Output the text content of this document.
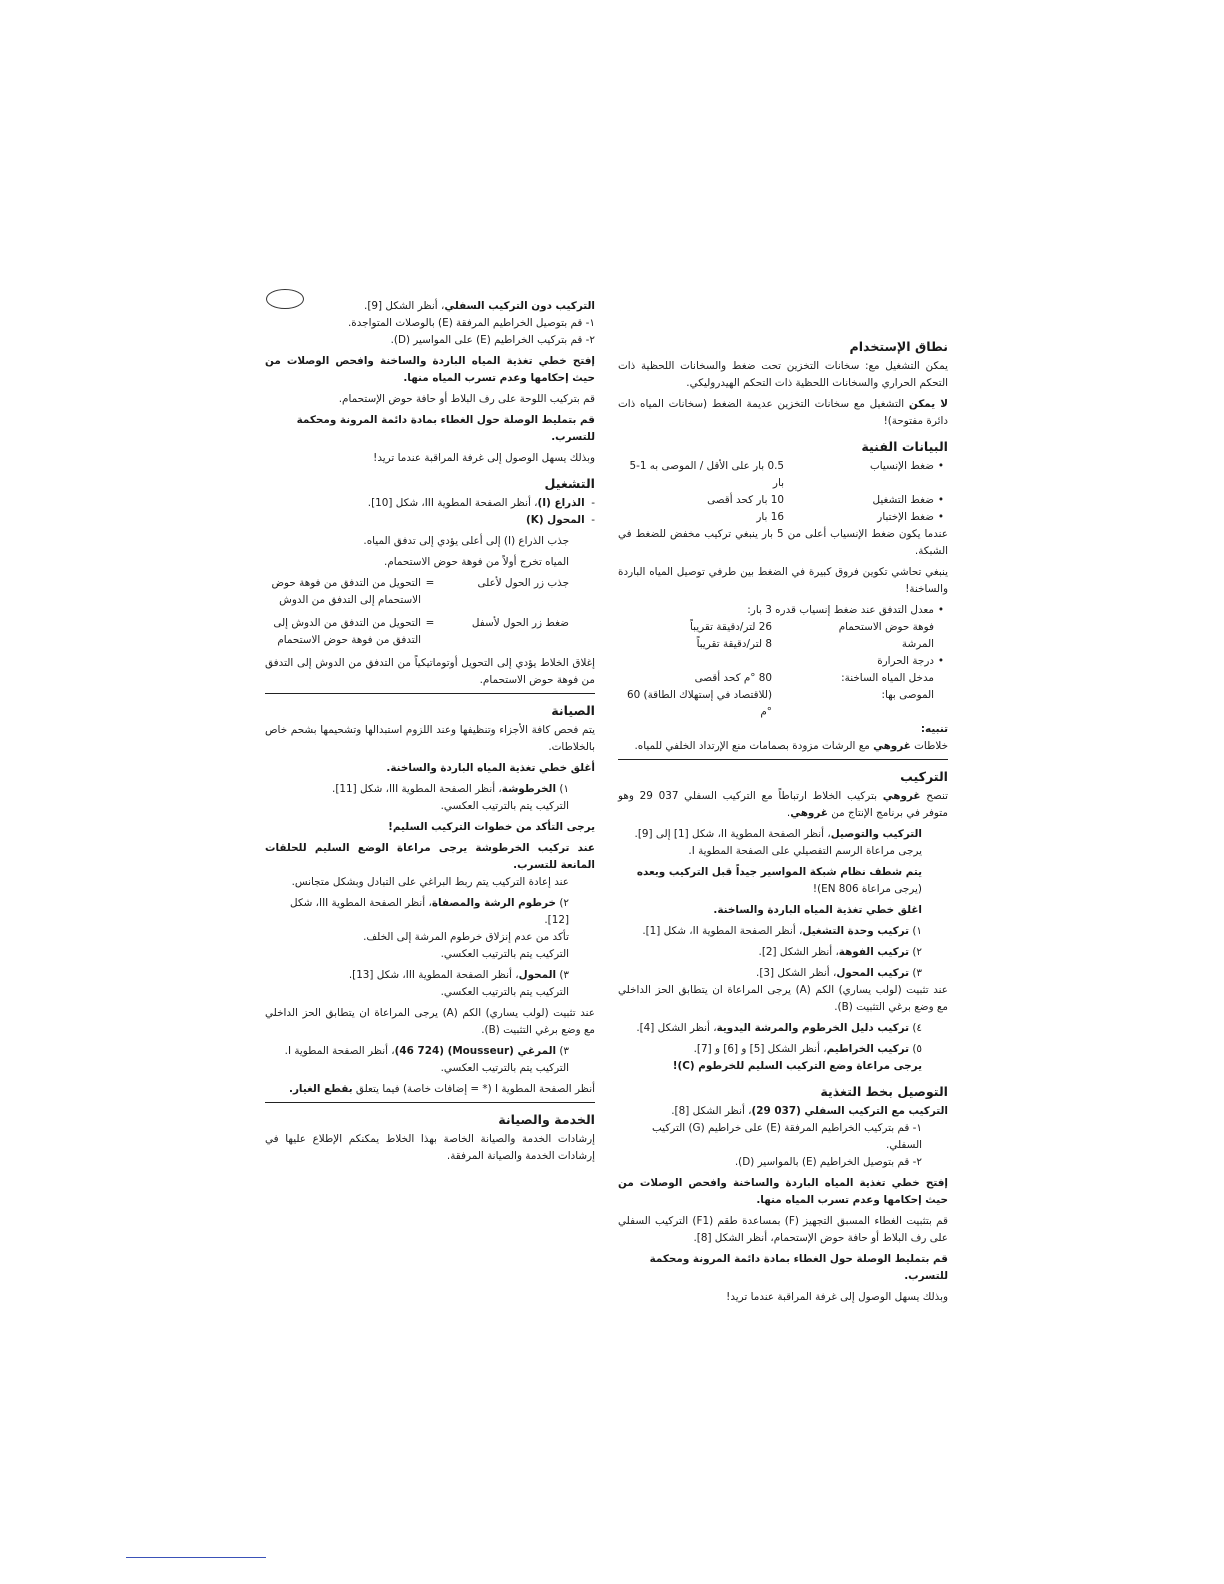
نطاق الإستخدام

يمكن التشغيل مع: سخانات التخزين تحت ضغط والسخانات اللحظية ذات التحكم الحراري والسخانات اللحظية ذات التحكم الهيدروليكي.

لا يمكن التشغيل مع سخانات التخزين عديمة الضغط (سخانات المياه ذات دائرة مفتوحة)!

البيانات الفنية
•
ضغط الإنسياب
0.5 بار على الأقل / الموصى به 1-5 بار
•
ضغط التشغيل
10 بار كحد أقصى
•
ضغط الإختبار
16 بار

عندما يكون ضغط الإنسياب أعلى من 5 بار ينبغي تركيب مخفض للضغط في الشبكة.

ينبغي تحاشي تكوين فروق كبيرة في الضغط بين طرفي توصيل المياه الباردة والساخنة!

•
معدل التدفق عند ضغط إنسياب قدره 3 بار:
فوهة حوض الاستحمام
26 لتر/دقيقة تقريباً
المرشة
8 لتر/دقيقة تقريباً
•
درجة الحرارة
مدخل المياه الساخنة:
80 °م كحد أقصى
الموصى بها:
(للاقتصاد في إستهلاك الطاقة) 60 °م

تنبيه:

خلاطات غروهي مع الرشات مزودة بصمامات منع الإرتداد الخلفي للمياه.

التركيب

تنصح غروهي بتركيب الخلاط ارتباطاً مع التركيب السفلي 037 29 وهو متوفر في برنامج الإنتاج من غروهي.

التركيب والتوصيل، أنظر الصفحة المطوية II، شكل [1] إلى [9].

يرجى مراعاة الرسم التفصيلي على الصفحة المطوية I.

يتم شطف نظام شبكة المواسير جيداً قبل التركيب وبعده
(يرجى مراعاة EN 806)!

اغلق خطي تغذية المياه الباردة والساخنة.

١) تركيب وحدة التشغيل، أنظر الصفحة المطوية II، شكل [1].

٢) تركيب الفوهة، أنظر الشكل [2].

٣) تركيب المحول، أنظر الشكل [3].

عند تثبيت (لولب يساري) الكم (A) يرجى المراعاة ان يتطابق الحز الداخلي مع وضع برغي التثبيت (B).

٤) تركيب دليل الخرطوم والمرشة اليدوية، أنظر الشكل [4].

٥) تركيب الخراطيم، أنظر الشكل [5] و [6] و [7].

يرجى مراعاة وضع التركيب السليم للخرطوم (C)!

التوصيل بخط التغذية

التركيب مع التركيب السفلي (037 29)، أنظر الشكل [8].

١- قم بتركيب الخراطيم المرفقة (E) على خراطيم (G) التركيب السفلي.

٢- قم بتوصيل الخراطيم (E) بالمواسير (D).

إفتح خطي تغذية المياه الباردة والساخنة وافحص الوصلات من حيث إحكامها وعدم تسرب المياه منها.

قم بتثبيت الغطاء المسبق التجهيز (F) بمساعدة طقم (F1) التركيب السفلي على رف البلاط أو حافة حوض الإستحمام، أنظر الشكل [8].

قم بتمليط الوصلة حول الغطاء بمادة دائمة المرونة ومحكمة للتسرب.

وبذلك يسهل الوصول إلى غرفة المراقبة عندما تريد!

التركيب دون التركيب السفلي، أنظر الشكل [9].

١- قم بتوصيل الخراطيم المرفقة (E) بالوصلات المتواجدة.

٢- قم بتركيب الخراطيم (E) على المواسير (D).

إفتح خطي تغذية المياه الباردة والساخنة وافحص الوصلات من حيث إحكامها وعدم تسرب المياه منها.

قم بتركيب اللوحة على رف البلاط أو حافة حوض الإستحمام.

قم بتمليط الوصلة حول الغطاء بمادة دائمة المرونة ومحكمة للتسرب.

وبذلك يسهل الوصول إلى غرفة المراقبة عندما تريد!

التشغيل

-  الذراع (I)، أنظر الصفحة المطوية III، شكل [10].

-  المحول (K)

جذب الذراع (I) إلى أعلى يؤدي إلى تدفق المياه.

المياه تخرج أولاً من فوهة حوض الاستحمام.

جذب زر الحول لأعلى
=
التحويل من التدفق من فوهة حوض الاستحمام إلى التدفق من الدوش
ضغط زر الحول لأسفل
=
التحويل من التدفق من الدوش إلى التدفق من فوهة حوض الاستحمام

إغلاق الخلاط يؤدي إلى التحويل أوتوماتيكياً من التدفق من الدوش إلى التدفق من فوهة حوض الاستحمام.

الصيانة

يتم فحص كافة الأجزاء وتنظيفها وعند اللزوم استبدالها وتشحيمها بشحم خاص بالخلاطات.

أغلق خطي تغذية المياه الباردة والساخنة.

١) الخرطوشة، أنظر الصفحة المطوية III، شكل [11].

التركيب يتم بالترتيب العكسي.

يرجى التأكد من خطوات التركيب السليم!

عند تركيب الخرطوشة يرجى مراعاة الوضع السليم للحلقات المانعة للتسرب.

عند إعادة التركيب يتم ربط البراغي على التبادل وبشكل متجانس.

٢) خرطوم الرشة والمصفاة، أنظر الصفحة المطوية III، شكل [12].

تأكد من عدم إنزلاق خرطوم المرشة إلى الخلف.

التركيب يتم بالترتيب العكسي.

٣) المحول، أنظر الصفحة المطوية III، شكل [13].

التركيب يتم بالترتيب العكسي.

عند تثبيت (لولب يساري) الكم (A) يرجى المراعاة ان يتطابق الحز الداخلي مع وضع برغي التثبيت (B).

٣) المرغي (Mousseur) (46 724)، أنظر الصفحة المطوية I.

التركيب يتم بالترتيب العكسي.

أنظر الصفحة المطوية I (* = إضافات خاصة) فيما يتعلق بقطع الغيار.

الخدمة والصيانة

إرشادات الخدمة والصيانة الخاصة بهذا الخلاط يمكنكم الإطلاع عليها في إرشادات الخدمة والصيانة المرفقة.
